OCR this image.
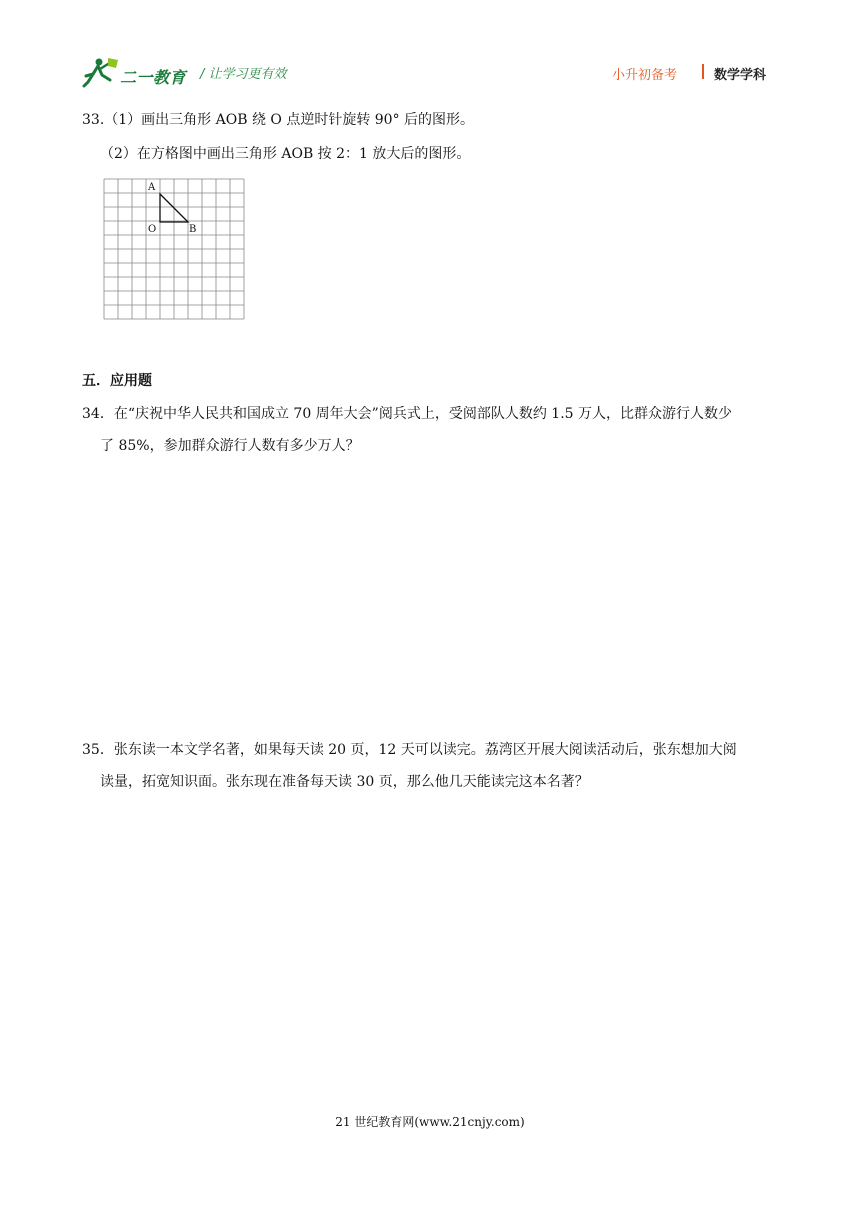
二一教育 / 让学习更有效	小升初备考	数学学科
33.（1）画出三角形 AOB 绕 O 点逆时针旋转 90° 后的图形。
（2）在方格图中画出三角形 AOB 按 2：1 放大后的图形。
A
O	B
五．应用题
34．在“庆祝中华人民共和国成立 70 周年大会”阅兵式上，受阅部队人数约 1.5 万人，比群众游行人数少
了 85%，参加群众游行人数有多少万人？
35．张东读一本文学名著，如果每天读 20 页，12 天可以读完。荔湾区开展大阅读活动后，张东想加大阅
读量，拓宽知识面。张东现在准备每天读 30 页，那么他几天能读完这本名著？
21 世纪教育网(www.21cnjy.com)
